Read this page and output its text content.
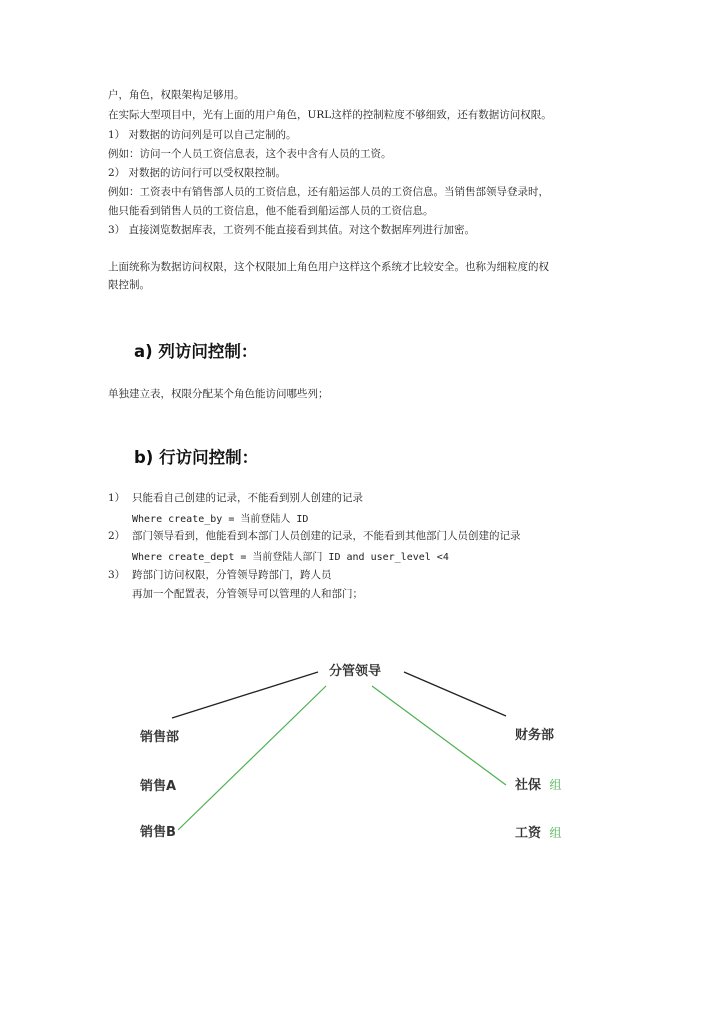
户，角色，权限架构足够用。
在实际大型项目中，光有上面的用户角色，URL这样的控制粒度不够细致，还有数据访问权限。
1） 对数据的访问列是可以自己定制的。
例如：访问一个人员工资信息表，这个表中含有人员的工资。
2） 对数据的访问行可以受权限控制。
例如：工资表中有销售部人员的工资信息，还有船运部人员的工资信息。当销售部领导登录时，
他只能看到销售人员的工资信息，他不能看到船运部人员的工资信息。
3） 直接浏览数据库表，工资列不能直接看到其值。对这个数据库列进行加密。
上面统称为数据访问权限，这个权限加上角色用户这样这个系统才比较安全。也称为细粒度的权
限控制。
a) 列访问控制：
单独建立表，权限分配某个角色能访问哪些列；
b) 行访问控制：
1） 只能看自己创建的记录，不能看到别人创建的记录
Where create_by = 当前登陆人 ID
2） 部门领导看到，他能看到本部门人员创建的记录，不能看到其他部门人员创建的记录
Where create_dept = 当前登陆人部门 ID and user_level <4
3） 跨部门访问权限，分管领导跨部门，跨人员
再加一个配置表，分管领导可以管理的人和部门；
分管领导
销售部
销售A
销售B
财务部
社保 组
工资 组
